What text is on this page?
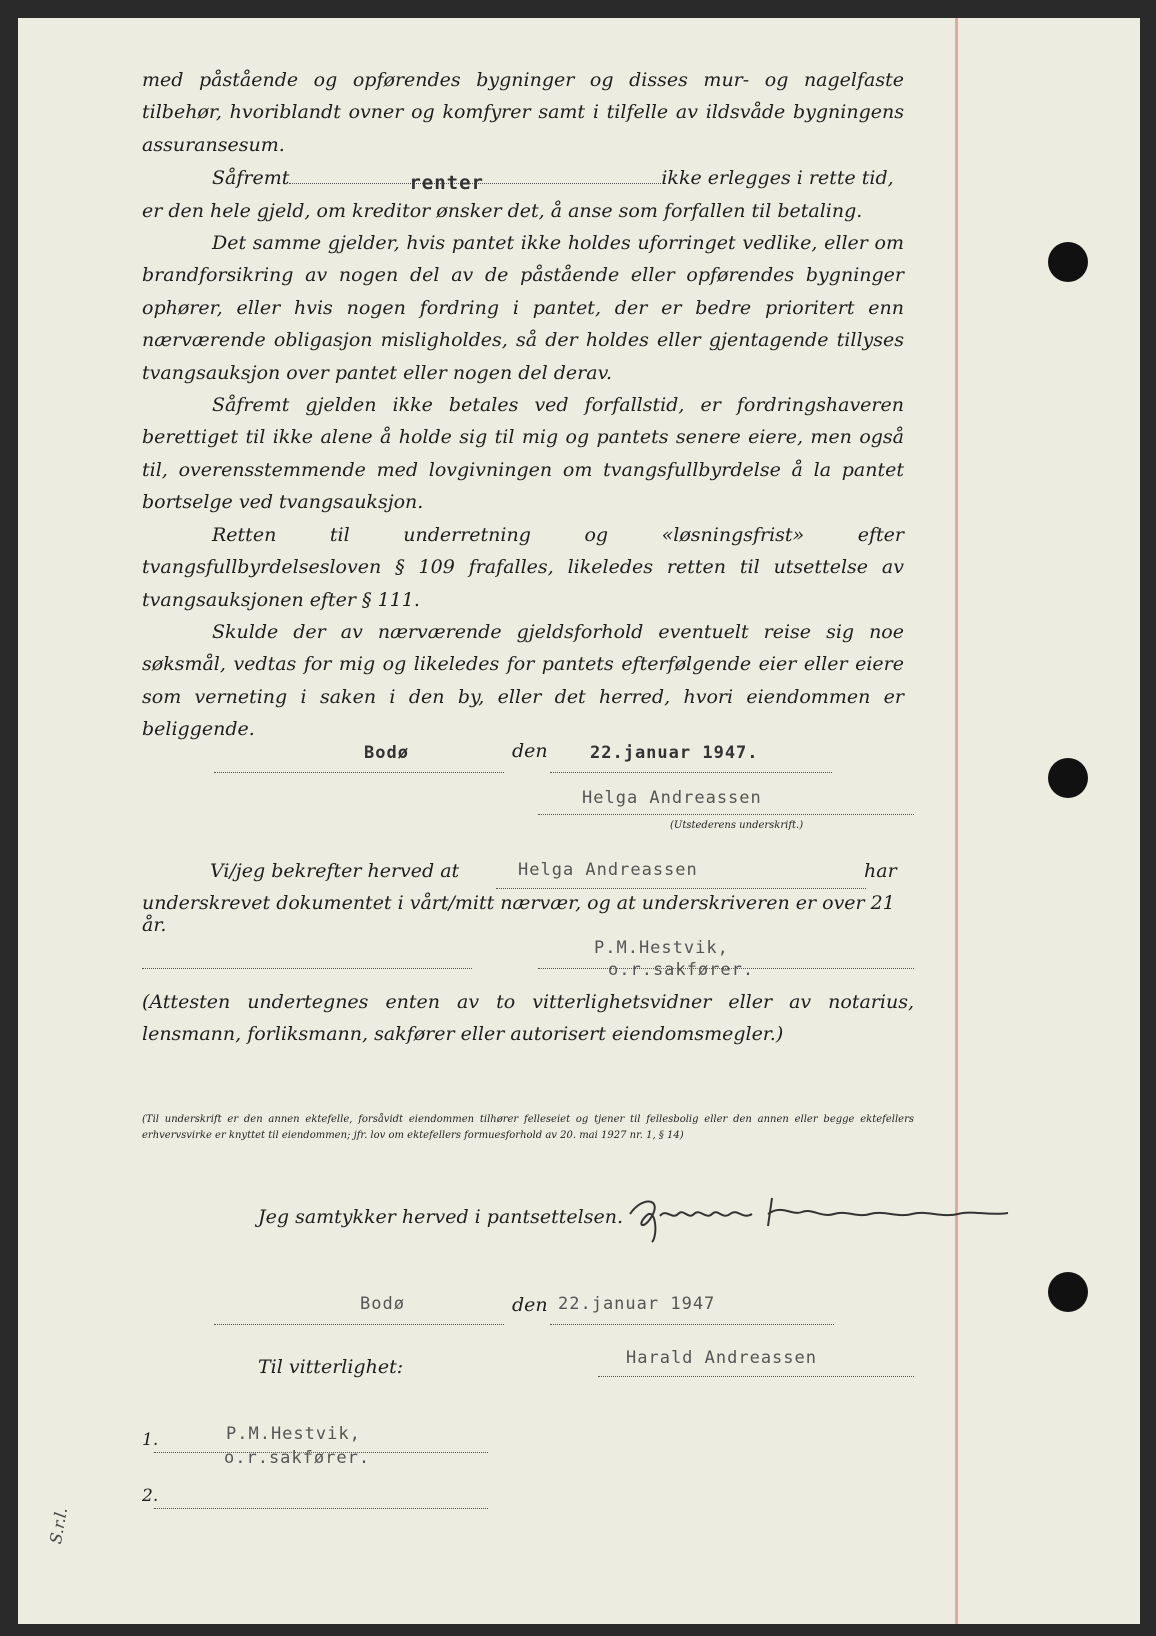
med påstående og opførendes bygninger og disses mur- og nagelfaste tilbehør, hvoriblandt ovner og komfyrer samt i tilfelle av ildsvåde bygningens assuransesum.

Såfremt	renter	ikke erlegges i rette tid,

er den hele gjeld, om kreditor ønsker det, å anse som forfallen til betaling.

Det samme gjelder, hvis pantet ikke holdes uforringet vedlike, eller om brandforsikring av nogen del av de påstående eller opførendes bygninger ophører, eller hvis nogen fordring i pantet, der er bedre prioritert enn nærværende obligasjon misligholdes, så der holdes eller gjentagende tillyses tvangsauksjon over pantet eller nogen del derav.

Såfremt gjelden ikke betales ved forfallstid, er fordringshaveren berettiget til ikke alene å holde sig til mig og pantets senere eiere, men også til, overensstemmende med lovgivningen om tvangsfullbyrdelse å la pantet bortselge ved tvangsauksjon.

Retten til underretning og «løsningsfrist» efter tvangsfullbyrdelsesloven § 109 frafalles, likeledes retten til utsettelse av tvangsauksjonen efter § 111.

Skulde der av nærværende gjeldsforhold eventuelt reise sig noe søksmål, vedtas for mig og likeledes for pantets efterfølgende eier eller eiere som verneting i saken i den by, eller det herred, hvori eiendommen er beliggende.

Bodø	den 22.januar 1947.
Helga Andreassen
(Utstederens underskrift.)
Vi/jeg bekrefter herved at	Helga Andreassen	har
underskrevet dokumentet i vårt/mitt nærvær, og at underskriveren er over 21 år.
P.M.Hestvik,
o.r.sakfører.
(Attesten undertegnes enten av to vitterlighetsvidner eller av notarius, lensmann, forliksmann, sakfører eller autorisert eiendomsmegler.)
(Til underskrift er den annen ektefelle, forsåvidt eiendommen tilhører felleseiet og tjener til fellesbolig eller den annen eller begge ektefellers erhvervsvirke er knyttet til eiendommen; jfr. lov om ektefellers formuesforhold av 20. mai 1927 nr. 1, § 14)
Jeg samtykker herved i pantsettelsen.
Bodø	den 22.januar 1947
Til vitterlighet:	Harald Andreassen
1.	P.M.Hestvik,
o.r.sakfører.
2.
S.r.l.
